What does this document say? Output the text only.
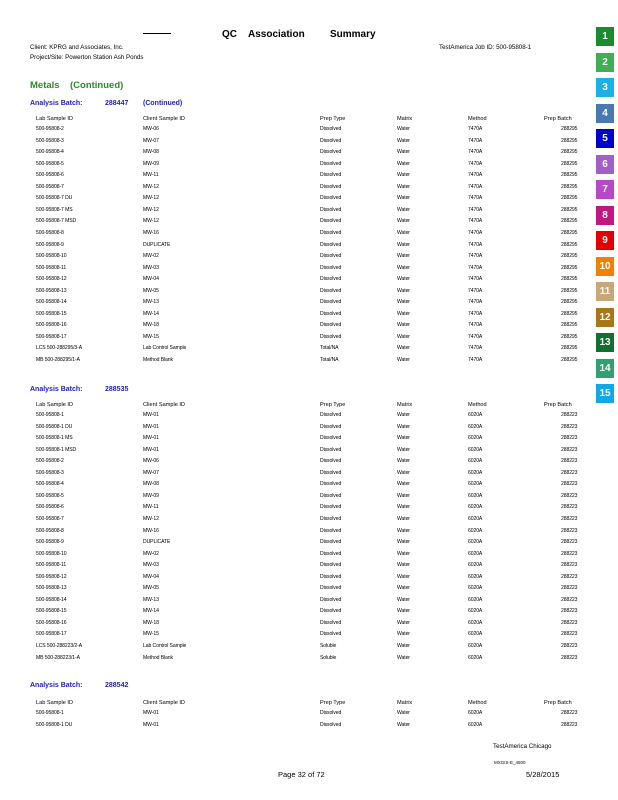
QC Association	Summary
Client: KPRG and Associates, Inc.
Project/Site: Powerton Station Ash Ponds
TestAmerica Job ID: 500-95808-1
Metals (Continued)
Analysis Batch:	288447 (Continued)
Lab Sample ID	Client Sample ID	Prep Type	Matrix	Method	Prep Batch
500-95808-2	MW-06	Dissolved	Water	7470A	288295
500-95808-3	MW-07	Dissolved	Water	7470A	288295
500-95808-4	MW-08	Dissolved	Water	7470A	288295
500-95808-5	MW-09	Dissolved	Water	7470A	288295
500-95808-6	MW-11	Dissolved	Water	7470A	288295
500-95808-7	MW-12	Dissolved	Water	7470A	288295
500-95808-7 DU	MW-12	Dissolved	Water	7470A	288295
500-95808-7 MS	MW-12	Dissolved	Water	7470A	288295
500-95808-7 MSD	MW-12	Dissolved	Water	7470A	288295
500-95808-8	MW-16	Dissolved	Water	7470A	288295
500-95808-9	DUPLICATE	Dissolved	Water	7470A	288295
500-95808-10	MW-02	Dissolved	Water	7470A	288295
500-95808-11	MW-03	Dissolved	Water	7470A	288295
500-95808-12	MW-04	Dissolved	Water	7470A	288295
500-95808-13	MW-05	Dissolved	Water	7470A	288295
500-95808-14	MW-13	Dissolved	Water	7470A	288295
500-95808-15	MW-14	Dissolved	Water	7470A	288295
500-95808-16	MW-18	Dissolved	Water	7470A	288295
500-95808-17	MW-15	Dissolved	Water	7470A	288295
LCS 500-288295/3-A	Lab Control Sample	Total/NA	Water	7470A	288295
MB 500-288295/1-A	Method Blank	Total/NA	Water	7470A	288295
Analysis Batch:	288535
Lab Sample ID	Client Sample ID	Prep Type	Matrix	Method	Prep Batch
500-95808-1	MW-01	Dissolved	Water	6020A	288223
500-95808-1 DU	MW-01	Dissolved	Water	6020A	288223
500-95808-1 MS	MW-01	Dissolved	Water	6020A	288223
500-95808-1 MSD	MW-01	Dissolved	Water	6020A	288223
500-95808-2	MW-06	Dissolved	Water	6020A	288223
500-95808-3	MW-07	Dissolved	Water	6020A	288223
500-95808-4	MW-08	Dissolved	Water	6020A	288223
500-95808-5	MW-09	Dissolved	Water	6020A	288223
500-95808-6	MW-11	Dissolved	Water	6020A	288223
500-95808-7	MW-12	Dissolved	Water	6020A	288223
500-95808-8	MW-16	Dissolved	Water	6020A	288223
500-95808-9	DUPLICATE	Dissolved	Water	6020A	288223
500-95808-10	MW-02	Dissolved	Water	6020A	288223
500-95808-11	MW-03	Dissolved	Water	6020A	288223
500-95808-12	MW-04	Dissolved	Water	6020A	288223
500-95808-13	MW-05	Dissolved	Water	6020A	288223
500-95808-14	MW-13	Dissolved	Water	6020A	288223
500-95808-15	MW-14	Dissolved	Water	6020A	288223
500-95808-16	MW-18	Dissolved	Water	6020A	288223
500-95808-17	MW-15	Dissolved	Water	6020A	288223
LCS 500-288223/2-A	Lab Control Sample	Soluble	Water	6020A	288223
MB 500-288223/1-A	Method Blank	Soluble	Water	6020A	288223
Analysis Batch:	288542
Lab Sample ID	Client Sample ID	Prep Type	Matrix	Method	Prep Batch
500-95808-1	MW-01	Dissolved	Water	6020A	288223
500-95808-1 DU	MW-01	Dissolved	Water	6020A	288223
TestAmerica Chicago
MXGIS-E_4500
Page 32 of 72	5/28/2015
1
2
3
4
5
6
7
8
9
10
11
12
13
14
15
